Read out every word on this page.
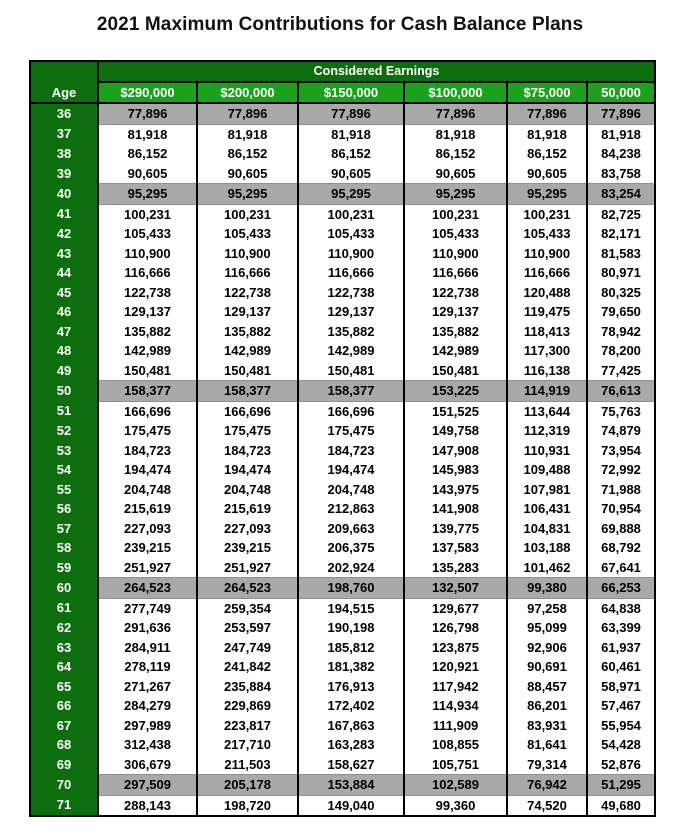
2021 Maximum Contributions for Cash Balance Plans
	Considered Earnings					
Age	$290,000	$200,000	$150,000	$100,000	$75,000	50,000
36	77,896	77,896	77,896	77,896	77,896	77,896
37	81,918	81,918	81,918	81,918	81,918	81,918
38	86,152	86,152	86,152	86,152	86,152	84,238
39	90,605	90,605	90,605	90,605	90,605	83,758
40	95,295	95,295	95,295	95,295	95,295	83,254
41	100,231	100,231	100,231	100,231	100,231	82,725
42	105,433	105,433	105,433	105,433	105,433	82,171
43	110,900	110,900	110,900	110,900	110,900	81,583
44	116,666	116,666	116,666	116,666	116,666	80,971
45	122,738	122,738	122,738	122,738	120,488	80,325
46	129,137	129,137	129,137	129,137	119,475	79,650
47	135,882	135,882	135,882	135,882	118,413	78,942
48	142,989	142,989	142,989	142,989	117,300	78,200
49	150,481	150,481	150,481	150,481	116,138	77,425
50	158,377	158,377	158,377	153,225	114,919	76,613
51	166,696	166,696	166,696	151,525	113,644	75,763
52	175,475	175,475	175,475	149,758	112,319	74,879
53	184,723	184,723	184,723	147,908	110,931	73,954
54	194,474	194,474	194,474	145,983	109,488	72,992
55	204,748	204,748	204,748	143,975	107,981	71,988
56	215,619	215,619	212,863	141,908	106,431	70,954
57	227,093	227,093	209,663	139,775	104,831	69,888
58	239,215	239,215	206,375	137,583	103,188	68,792
59	251,927	251,927	202,924	135,283	101,462	67,641
60	264,523	264,523	198,760	132,507	99,380	66,253
61	277,749	259,354	194,515	129,677	97,258	64,838
62	291,636	253,597	190,198	126,798	95,099	63,399
63	284,911	247,749	185,812	123,875	92,906	61,937
64	278,119	241,842	181,382	120,921	90,691	60,461
65	271,267	235,884	176,913	117,942	88,457	58,971
66	284,279	229,869	172,402	114,934	86,201	57,467
67	297,989	223,817	167,863	111,909	83,931	55,954
68	312,438	217,710	163,283	108,855	81,641	54,428
69	306,679	211,503	158,627	105,751	79,314	52,876
70	297,509	205,178	153,884	102,589	76,942	51,295
71	288,143	198,720	149,040	99,360	74,520	49,680
